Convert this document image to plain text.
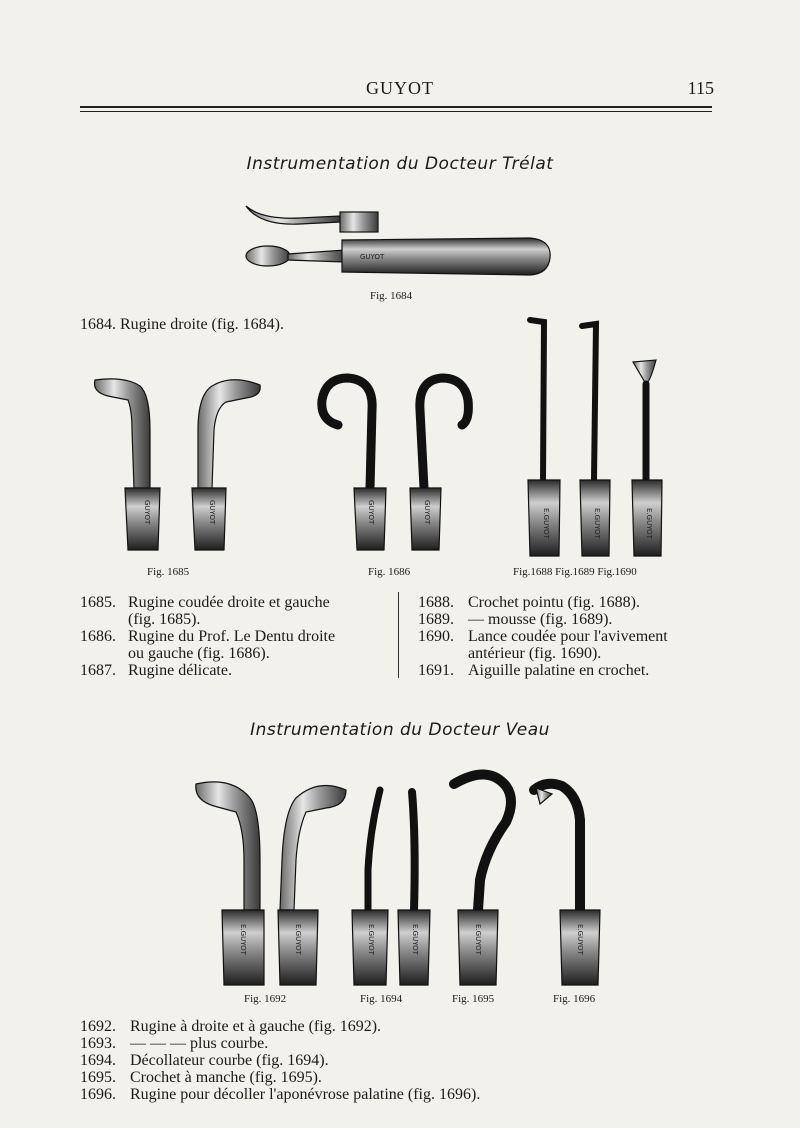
GUYOT	115
Instrumentation du Docteur Trélat
GUYOT
GUYOT	GUYOT	GUYOT	GUYOT	E.GUYOT	E.GUYOT	E.GUYOT
E.GUYOT	E.GUYOT	E.GUYOT	E.GUYOT	E.GUYOT	E.GUYOT
Fig. 1684
Fig. 1685	Fig. 1686	Fig.1688 Fig.1689 Fig.1690
1684. Rugine droite (fig. 1684).
1685. Rugine coudée droite et gauche
(fig. 1685).
1686. Rugine du Prof. Le Dentu droite
ou gauche (fig. 1686).
1687. Rugine délicate.
1688. Crochet pointu (fig. 1688).
1689. — mousse (fig. 1689).
1690. Lance coudée pour l'avivement
antérieur (fig. 1690).
1691. Aiguille palatine en crochet.
Instrumentation du Docteur Veau
Fig. 1692	Fig. 1694	Fig. 1695	Fig. 1696
1692. Rugine à droite et à gauche (fig. 1692).
1693. — — — plus courbe.
1694. Décollateur courbe (fig. 1694).
1695. Crochet à manche (fig. 1695).
1696. Rugine pour décoller l'aponévrose palatine (fig. 1696).
